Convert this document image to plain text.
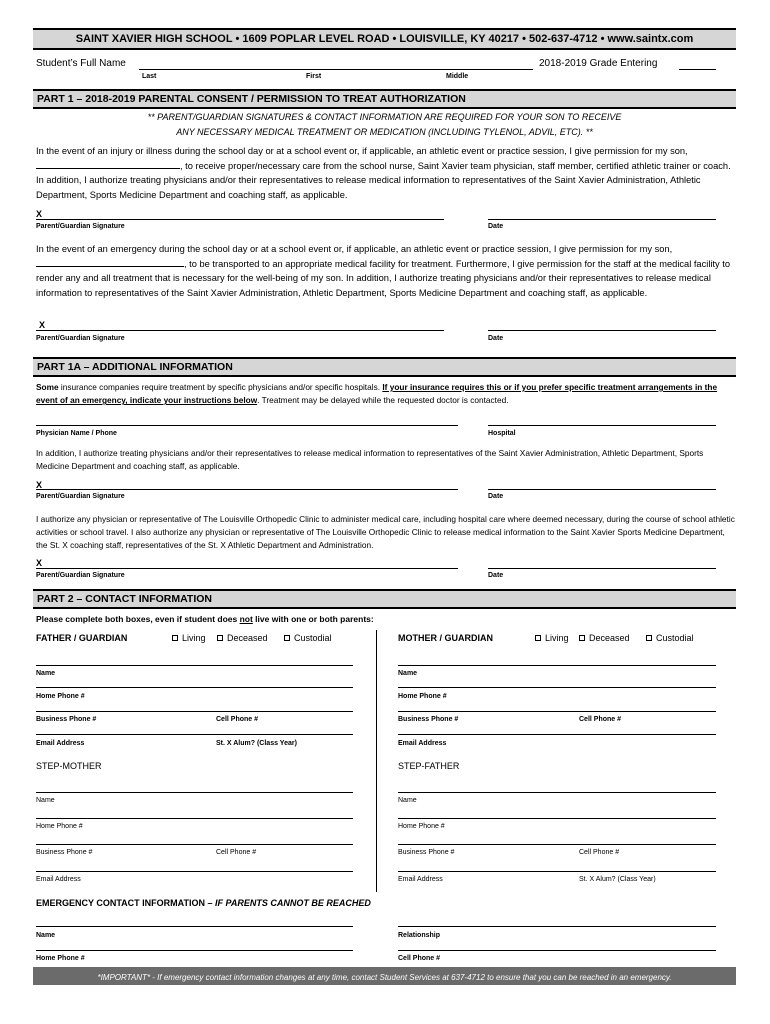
SAINT XAVIER HIGH SCHOOL • 1609 POPLAR LEVEL ROAD • LOUISVILLE, KY 40217 • 502-637-4712 • www.saintx.com
Student’s Full Name
Last	First	Middle
2018-2019 Grade Entering
PART 1 – 2018-2019 PARENTAL CONSENT / PERMISSION TO TREAT AUTHORIZATION
** PARENT/GUARDIAN SIGNATURES & CONTACT INFORMATION ARE REQUIRED FOR YOUR SON TO RECEIVE
ANY NECESSARY MEDICAL TREATMENT OR MEDICATION (INCLUDING TYLENOL, ADVIL, ETC). **
In the event of an injury or illness during the school day or at a school event or, if applicable, an athletic event or practice session, I give permission for my son, , to receive proper/necessary care from the school nurse, Saint Xavier team physician, staff member, certified athletic trainer or coach. In addition, I authorize treating physicians and/or their representatives to release medical information to representatives of the Saint Xavier Administration, Athletic Department, Sports Medicine Department and coaching staff, as applicable.
X
Parent/Guardian Signature	Date
In the event of an emergency during the school day or at a school event or, if applicable, an athletic event or practice session, I give permission for my son, , to be transported to an appropriate medical facility for treatment. Furthermore, I give permission for the staff at the medical facility to render any and all treatment that is necessary for the well-being of my son. In addition, I authorize treating physicians and/or their representatives to release medical information to representatives of the Saint Xavier Administration, Athletic Department, Sports Medicine Department and coaching staff, as applicable.
X
Parent/Guardian Signature	Date
PART 1A – ADDITIONAL INFORMATION
Some insurance companies require treatment by specific physicians and/or specific hospitals. If your insurance requires this or if you prefer specific treatment arrangements in the event of an emergency, indicate your instructions below. Treatment may be delayed while the requested doctor is contacted.
Physician Name / Phone	Hospital
In addition, I authorize treating physicians and/or their representatives to release medical information to representatives of the Saint Xavier Administration, Athletic Department, Sports Medicine Department and coaching staff, as applicable.
X
Parent/Guardian Signature	Date
I authorize any physician or representative of The Louisville Orthopedic Clinic to administer medical care, including hospital care where deemed necessary, during the course of school athletic activities or school travel. I also authorize any physician or representative of The Louisville Orthopedic Clinic to release medical information to the Saint Xavier Sports Medicine Department, the St. X coaching staff, representatives of the St. X Athletic Department and Administration.
X
Parent/Guardian Signature	Date
PART 2 – CONTACT INFORMATION
Please complete both boxes, even if student does not live with one or both parents:
FATHER / GUARDIAN	Living	Deceased	Custodial
Name
Home Phone #
Business Phone #	Cell Phone #
Email Address	St. X Alum? (Class Year)
STEP-MOTHER
Name
Home Phone #
Business Phone #	Cell Phone #
Email Address
MOTHER / GUARDIAN	Living	Deceased	Custodial
Name
Home Phone #
Business Phone #	Cell Phone #
Email Address
STEP-FATHER
Name
Home Phone #
Business Phone #	Cell Phone #
Email Address	St. X Alum? (Class Year)
EMERGENCY CONTACT INFORMATION – IF PARENTS CANNOT BE REACHED
Name	Relationship
Home Phone #	Cell Phone #
*IMPORTANT* - If emergency contact information changes at any time, contact Student Services at 637-4712 to ensure that you can be reached in an emergency.
